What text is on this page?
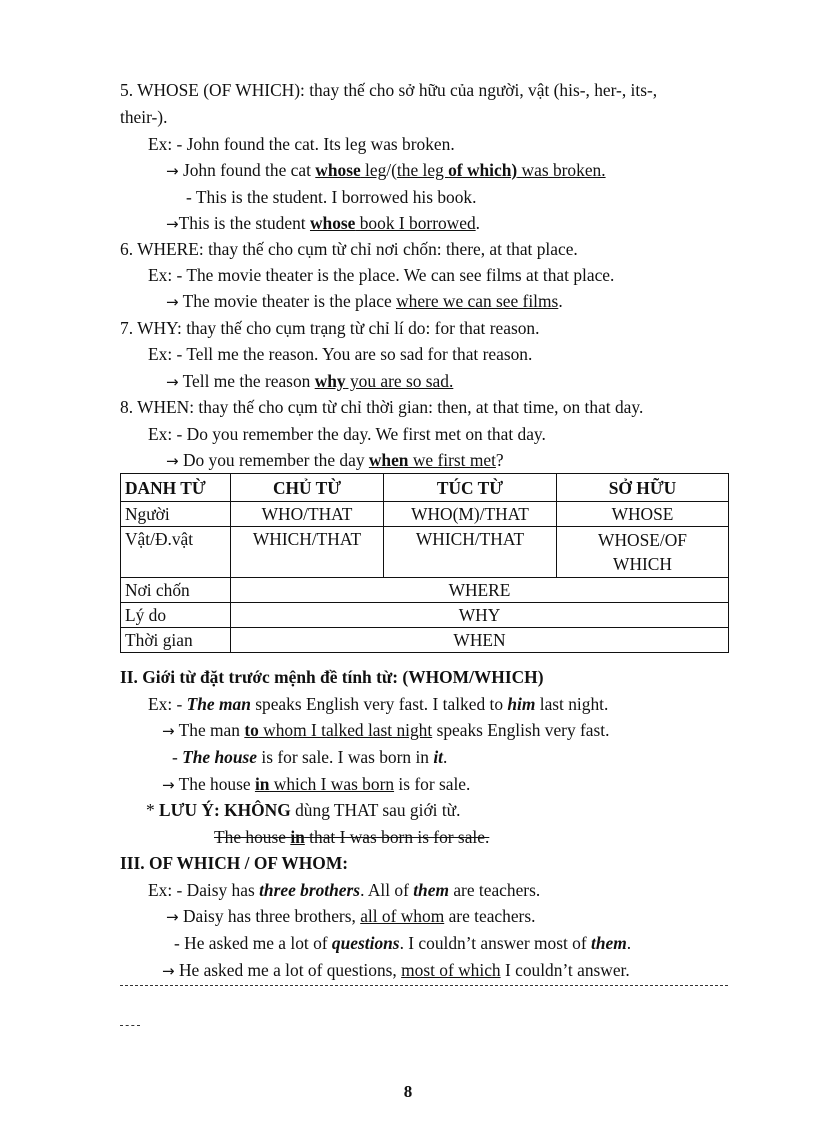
5. WHOSE (OF WHICH): thay thế cho sở hữu của người, vật (his-, her-, its-,
their-).
Ex: - John found the cat. Its leg was broken.
→ John found the cat whose leg/(the leg of which) was broken.
- This is the student. I borrowed his book.
→This is the student whose book I borrowed.
6. WHERE: thay thế cho cụm từ chỉ nơi chốn: there, at that place.
Ex: - The movie theater is the place. We can see films at that place.
→ The movie theater is the place where we can see films.
7. WHY: thay thế cho cụm trạng từ chỉ lí do: for that reason.
Ex: - Tell me the reason. You are so sad for that reason.
→ Tell me the reason why you are so sad.
8. WHEN: thay thế cho cụm từ chỉ thời gian: then, at that time, on that day.
Ex: - Do you remember the day. We first met on that day.
→ Do you remember the day when we first met?
DANH TỪ	CHỦ TỪ	TÚC TỪ	SỞ HỮU
Người	WHO/THAT	WHO(M)/THAT	WHOSE
Vật/Đ.vật	WHICH/THAT	WHICH/THAT	WHOSE/OF
WHICH

Nơi chốn	WHERE		
Lý do	WHY		
Thời gian	WHEN		
II. Giới từ đặt trước mệnh đề tính từ: (WHOM/WHICH)
Ex: - The man speaks English very fast. I talked to him last night.
→ The man to whom I talked last night speaks English very fast.
- The house is for sale. I was born in it.
→ The house in which I was born is for sale.
* LƯU Ý: KHÔNG dùng THAT sau giới từ.
The house in that I was born is for sale.
III. OF WHICH / OF WHOM:
Ex: - Daisy has three brothers. All of them are teachers.
→ Daisy has three brothers, all of whom are teachers.
- He asked me a lot of questions. I couldn’t answer most of them.
→ He asked me a lot of questions, most of which I couldn’t answer.
8
